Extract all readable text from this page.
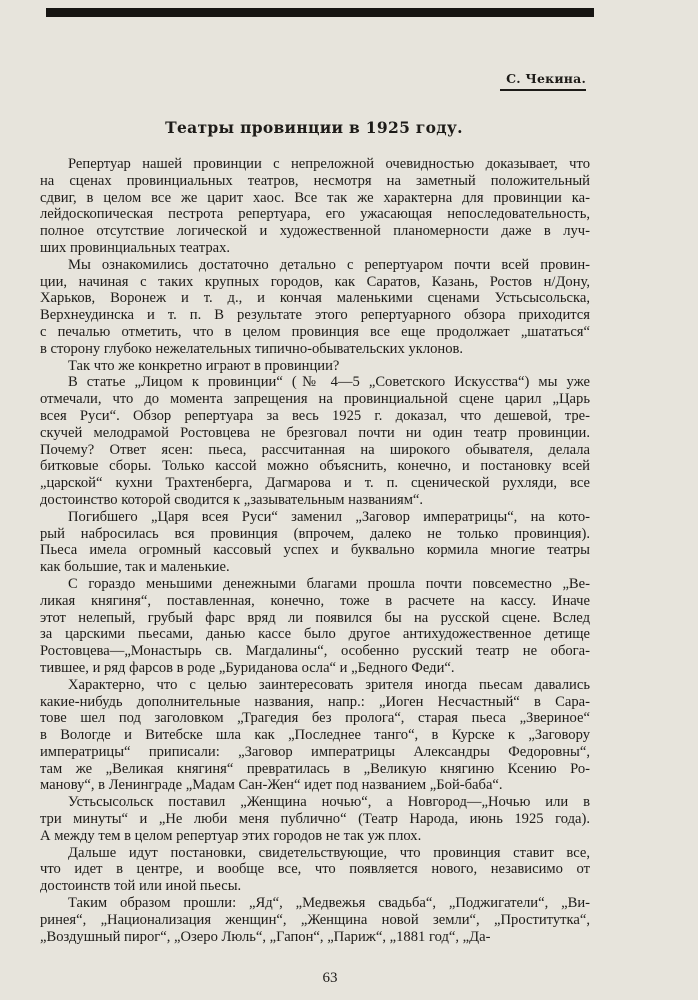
С. Чекина.
Театры провинции в 1925 году.
Репертуар нашей провинции с непреложной очевидностью доказывает, что
на сценах провинциальных театров, несмотря на заметный положительный
сдвиг, в целом все же царит хаос. Все так же характерна для провинции ка-
лейдоскопическая пестрота репертуара, его ужасающая непоследовательность,
полное отсутствие логической и художественной планомерности даже в луч-
ших провинциальных театрах.
Мы ознакомились достаточно детально с репертуаром почти всей провин-
ции, начиная с таких крупных городов, как Саратов, Казань, Ростов н/Дону,
Харьков, Воронеж и т. д., и кончая маленькими сценами Устьсысольска,
Верхнеудинска и т. п. В результате этого репертуарного обзора приходится
с печалью отметить, что в целом провинция все еще продолжает „шататься“
в сторону глубоко нежелательных типично-обывательских уклонов.
Так что же конкретно играют в провинции?
В статье „Лицом к провинции“ (№ 4—5 „Советского Искусства“) мы уже
отмечали, что до момента запрещения на провинциальной сцене царил „Царь
всея Руси“. Обзор репертуара за весь 1925 г. доказал, что дешевой, тре-
скучей мелодрамой Ростовцева не брезговал почти ни один театр провинции.
Почему? Ответ ясен: пьеса, рассчитанная на широкого обывателя, делала
битковые сборы. Только кассой можно объяснить, конечно, и постановку всей
„царской“ кухни Трахтенберга, Дагмарова и т. п. сценической рухляди, все
достоинство которой сводится к „зазывательным названиям“.
Погибшего „Царя всея Руси“ заменил „Заговор императрицы“, на кото-
рый набросилась вся провинция (впрочем, далеко не только провинция).
Пьеса имела огромный кассовый успех и буквально кормила многие театры
как большие, так и маленькие.
С гораздо меньшими денежными благами прошла почти повсеместно „Ве-
ликая княгиня“, поставленная, конечно, тоже в расчете на кассу. Иначе
этот нелепый, грубый фарс вряд ли появился бы на русской сцене. Вслед
за царскими пьесами, данью кассе было другое антихудожественное детище
Ростовцева—„Монастырь св. Магдалины“, особенно русский театр не обога-
тившее, и ряд фарсов в роде „Буриданова осла“ и „Бедного Феди“.
Характерно, что с целью заинтересовать зрителя иногда пьесам давались
какие-нибудь дополнительные названия, напр.: „Иоген Несчастный“ в Сара-
тове шел под заголовком „Трагедия без пролога“, старая пьеса „Звериное“
в Вологде и Витебске шла как „Последнее танго“, в Курске к „Заговору
императрицы“ приписали: „Заговор императрицы Александры Федоровны“,
там же „Великая княгиня“ превратилась в „Великую княгиню Ксению Ро-
манову“, в Ленинграде „Мадам Сан-Жен“ идет под названием „Бой-баба“.
Устьсысольск поставил „Женщина ночью“, а Новгород—„Ночью или в
три минуты“ и „Не люби меня публично“ (Театр Народа, июнь 1925 года).
А между тем в целом репертуар этих городов не так уж плох.
Дальше идут постановки, свидетельствующие, что провинция ставит все,
что идет в центре, и вообще все, что появляется нового, независимо от
достоинств той или иной пьесы.
Таким образом прошли: „Яд“, „Медвежья свадьба“, „Поджигатели“, „Ви-
ринея“, „Национализация женщин“, „Женщина новой земли“, „Проститутка“,
„Воздушный пирог“, „Озеро Люль“, „Гапон“, „Париж“, „1881 год“, „Да-
63
